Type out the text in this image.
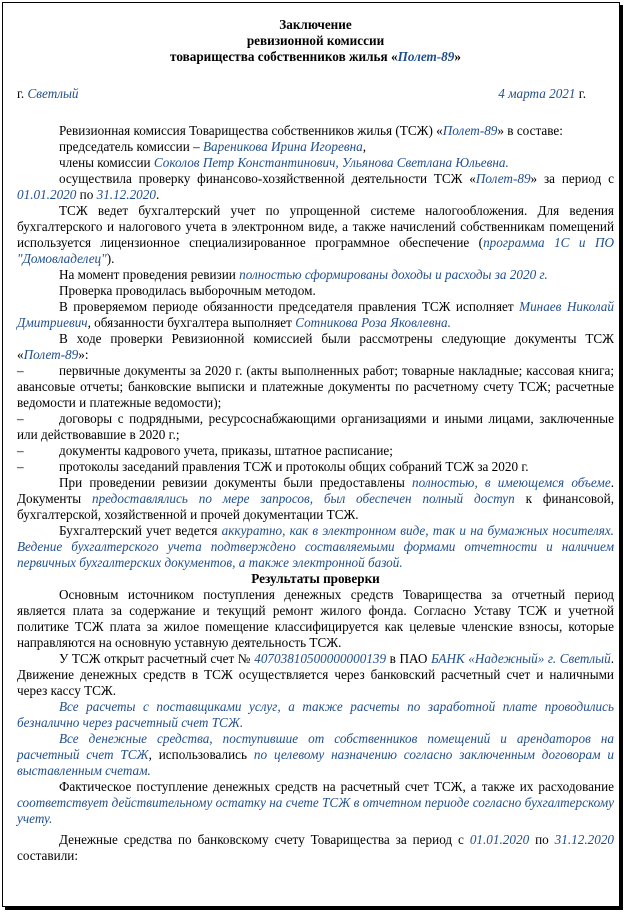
Заключение

ревизионной комиссии

товарищества собственников жилья «Полет-89»

г. Светлый	4 марта 2021 г.

Ревизионная комиссия Товарищества собственников жилья (ТСЖ) «Полет-89» в составе:

председатель комиссии – Вареникова Ирина Игоревна,

члены комиссии Соколов Петр Константинович, Ульянова Светлана Юльевна.

осуществила проверку финансово-хозяйственной деятельности ТСЖ «Полет-89» за период с 01.01.2020 по 31.12.2020.

ТСЖ ведет бухгалтерский учет по упрощенной системе налогообложения. Для ведения бухгалтерского и налогового учета в электронном виде, а также начислений собственникам помещений используется лицензионное специализированное программное обеспечение (программа 1С и ПО "Домовладелец").

На момент проведения ревизии полностью сформированы доходы и расходы за 2020 г.

Проверка проводилась выборочным методом.

В проверяемом периоде обязанности председателя правления ТСЖ исполняет Минаев Николай Дмитриевич, обязанности бухгалтера выполняет Сотникова Роза Яковлевна.

В ходе проверки Ревизионной комиссией были рассмотрены следующие документы ТСЖ «Полет-89»:

–	первичные документы за 2020 г. (акты выполненных работ; товарные накладные; кассовая книга; авансовые отчеты; банковские выписки и платежные документы по расчетному счету ТСЖ; расчетные ведомости и платежные ведомости);

–	договоры с подрядными, ресурсоснабжающими организациями и иными лицами, заключенные или действовавшие в 2020 г.;

–	документы кадрового учета, приказы, штатное расписание;

–	протоколы заседаний правления ТСЖ и протоколы общих собраний ТСЖ за 2020 г.

При проведении ревизии документы были предоставлены полностью, в имеющемся объеме. Документы предоставлялись по мере запросов, был обеспечен полный доступ к финансовой, бухгалтерской, хозяйственной и прочей документации ТСЖ.

Бухгалтерский учет ведется аккуратно, как в электронном виде, так и на бумажных носителях. Ведение бухгалтерского учета подтверждено составляемыми формами отчетности и наличием первичных бухгалтерских документов, а также электронной базой.

Результаты проверки

Основным источником поступления денежных средств Товарищества за отчетный период является плата за содержание и текущий ремонт жилого фонда. Согласно Уставу ТСЖ и учетной политике ТСЖ плата за жилое помещение классифицируется как целевые членские взносы, которые направляются на основную уставную деятельность ТСЖ.

У ТСЖ открыт расчетный счет № 40703810500000000139 в ПАО БАНК «Надежный» г. Светлый. Движение денежных средств в ТСЖ осуществляется через банковский расчетный счет и наличными через кассу ТСЖ.

Все расчеты с поставщиками услуг, а также расчеты по заработной плате проводились безналично через расчетный счет ТСЖ.

Все денежные средства, поступившие от собственников помещений и арендаторов на расчетный счет ТСЖ, использовались по целевому назначению согласно заключенным договорам и выставленным счетам.

Фактическое поступление денежных средств на расчетный счет ТСЖ, а также их расходование соответствует действительному остатку на счете ТСЖ в отчетном периоде согласно бухгалтерскому учету.

Денежные средства по банковскому счету Товарищества за период с 01.01.2020 по 31.12.2020 составили:
